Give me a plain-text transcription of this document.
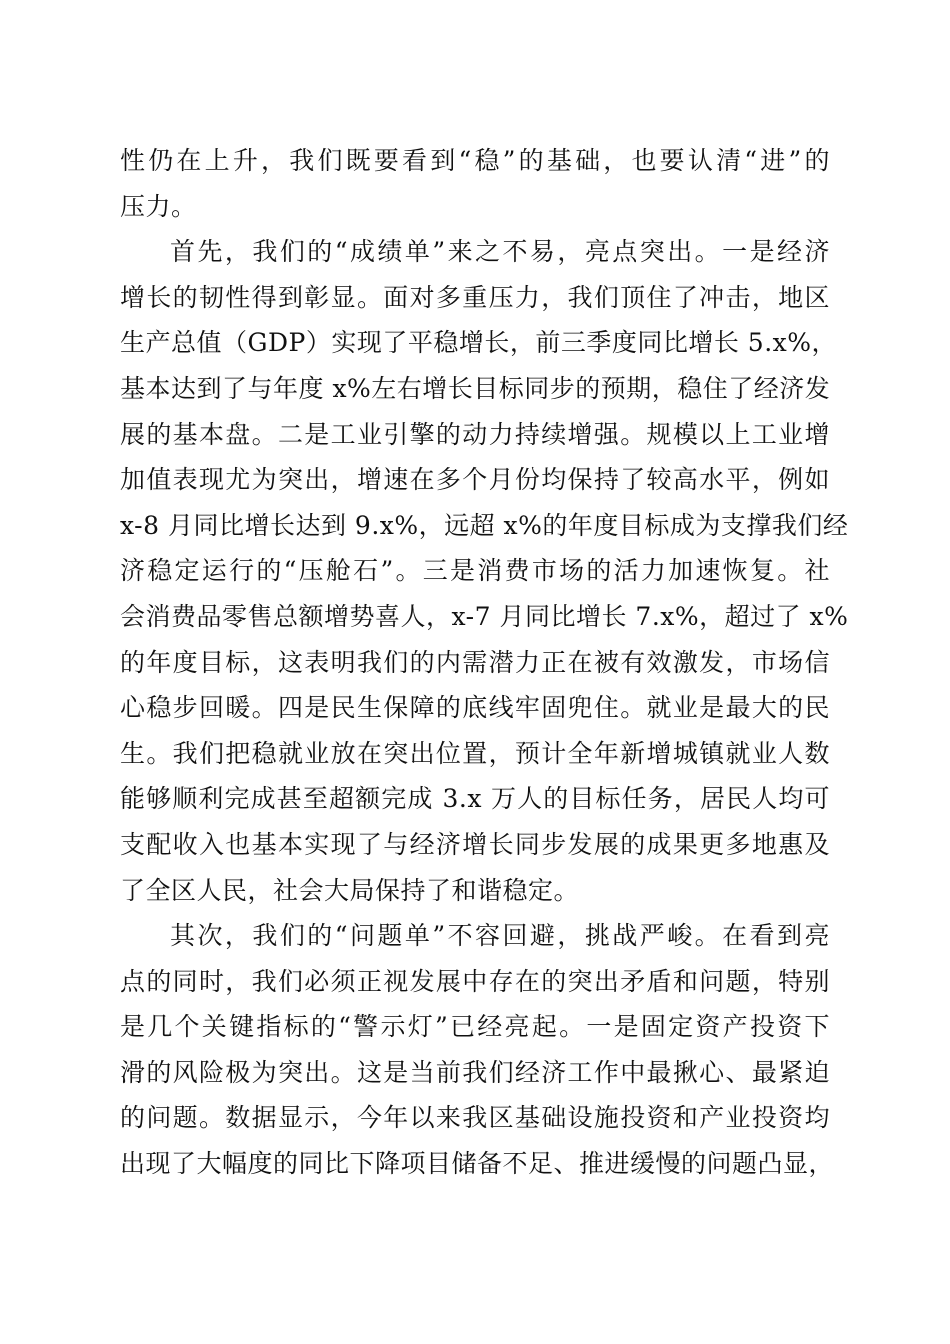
性仍在上升，我们既要看到“稳”的基础，也要认清“进”的
压力。
首先，我们的“成绩单”来之不易，亮点突出。一是经济
增长的韧性得到彰显。面对多重压力，我们顶住了冲击，地区
生产总值（GDP）实现了平稳增长，前三季度同比增长 5.x%，
基本达到了与年度 x%左右增长目标同步的预期，稳住了经济发
展的基本盘。二是工业引擎的动力持续增强。规模以上工业增
加值表现尤为突出，增速在多个月份均保持了较高水平，例如
x-8 月同比增长达到 9.x%，远超 x%的年度目标成为支撑我们经
济稳定运行的“压舱石”。三是消费市场的活力加速恢复。社
会消费品零售总额增势喜人，x-7 月同比增长 7.x%，超过了 x%
的年度目标，这表明我们的内需潜力正在被有效激发，市场信
心稳步回暖。四是民生保障的底线牢固兜住。就业是最大的民
生。我们把稳就业放在突出位置，预计全年新增城镇就业人数
能够顺利完成甚至超额完成 3.x 万人的目标任务，居民人均可
支配收入也基本实现了与经济增长同步发展的成果更多地惠及
了全区人民，社会大局保持了和谐稳定。
其次，我们的“问题单”不容回避，挑战严峻。在看到亮
点的同时，我们必须正视发展中存在的突出矛盾和问题，特别
是几个关键指标的“警示灯”已经亮起。一是固定资产投资下
滑的风险极为突出。这是当前我们经济工作中最揪心、最紧迫
的问题。数据显示，今年以来我区基础设施投资和产业投资均
出现了大幅度的同比下降项目储备不足、推进缓慢的问题凸显，
